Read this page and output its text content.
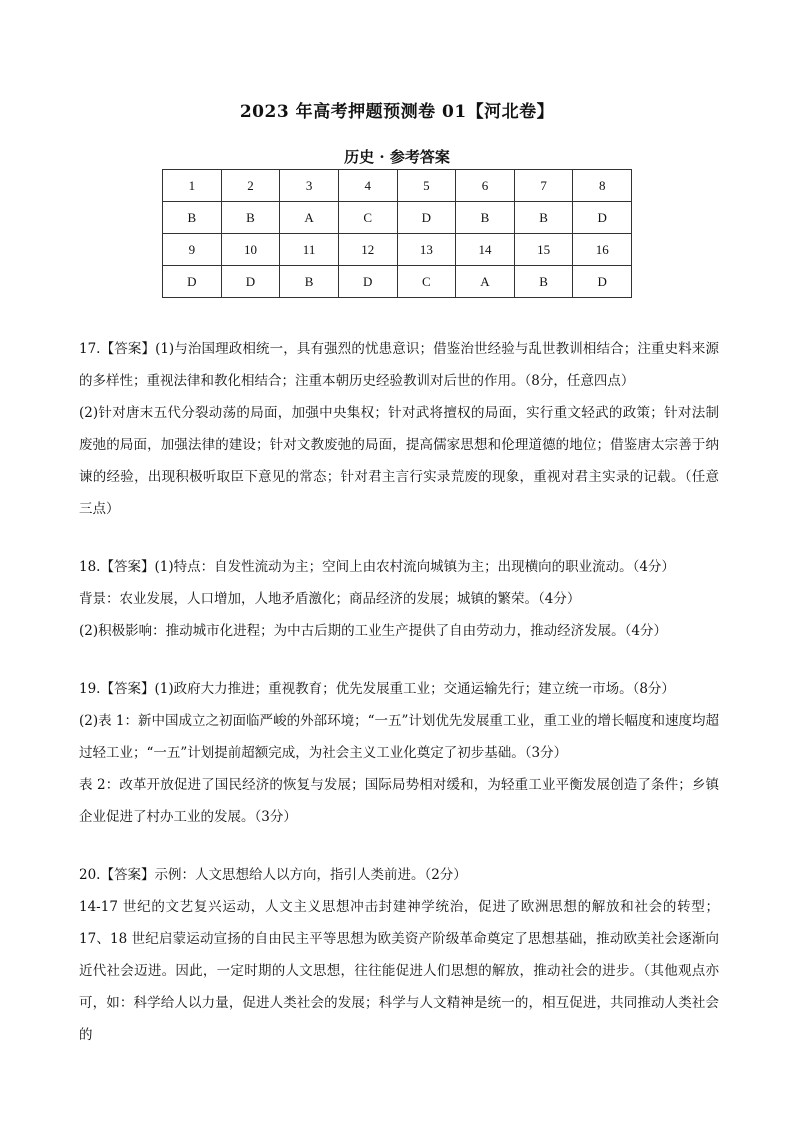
2023 年高考押题预测卷 01【河北卷】
历史 · 参考答案
1	2	3	4	5	6	7	8
B	B	A	C	D	B	B	D
9	10	11	12	13	14	15	16
D	D	B	D	C	A	B	D

17.【答案】(1)与治国理政相统一，具有强烈的忧患意识；借鉴治世经验与乱世教训相结合；注重史料来源的多样性；重视法律和教化相结合；注重本朝历史经验教训对后世的作用。（8分，任意四点）

(2)针对唐末五代分裂动荡的局面，加强中央集权；针对武将擅权的局面，实行重文轻武的政策；针对法制废弛的局面，加强法律的建设；针对文教废弛的局面，提高儒家思想和伦理道德的地位；借鉴唐太宗善于纳谏的经验，出现积极听取臣下意见的常态；针对君主言行实录荒废的现象，重视对君主实录的记载。（任意三点）

18.【答案】(1)特点：自发性流动为主；空间上由农村流向城镇为主；出现横向的职业流动。（4分）

背景：农业发展，人口增加，人地矛盾激化；商品经济的发展；城镇的繁荣。（4分）

(2)积极影响：推动城市化进程；为中古后期的工业生产提供了自由劳动力，推动经济发展。（4分）

19.【答案】(1)政府大力推进；重视教育；优先发展重工业；交通运输先行；建立统一市场。（8分）

(2)表 1：新中国成立之初面临严峻的外部环境；“一五”计划优先发展重工业，重工业的增长幅度和速度均超过轻工业；“一五”计划提前超额完成，为社会主义工业化奠定了初步基础。（3分）

表 2：改革开放促进了国民经济的恢复与发展；国际局势相对缓和，为轻重工业平衡发展创造了条件；乡镇企业促进了村办工业的发展。（3分）

20.【答案】示例：人文思想给人以方向，指引人类前进。（2分）

14-17 世纪的文艺复兴运动，人文主义思想冲击封建神学统治，促进了欧洲思想的解放和社会的转型；17、18 世纪启蒙运动宣扬的自由民主平等思想为欧美资产阶级革命奠定了思想基础，推动欧美社会逐渐向近代社会迈进。因此，一定时期的人文思想，往往能促进人们思想的解放，推动社会的进步。（其他观点亦可，如：科学给人以力量，促进人类社会的发展；科学与人文精神是统一的，相互促进，共同推动人类社会的
